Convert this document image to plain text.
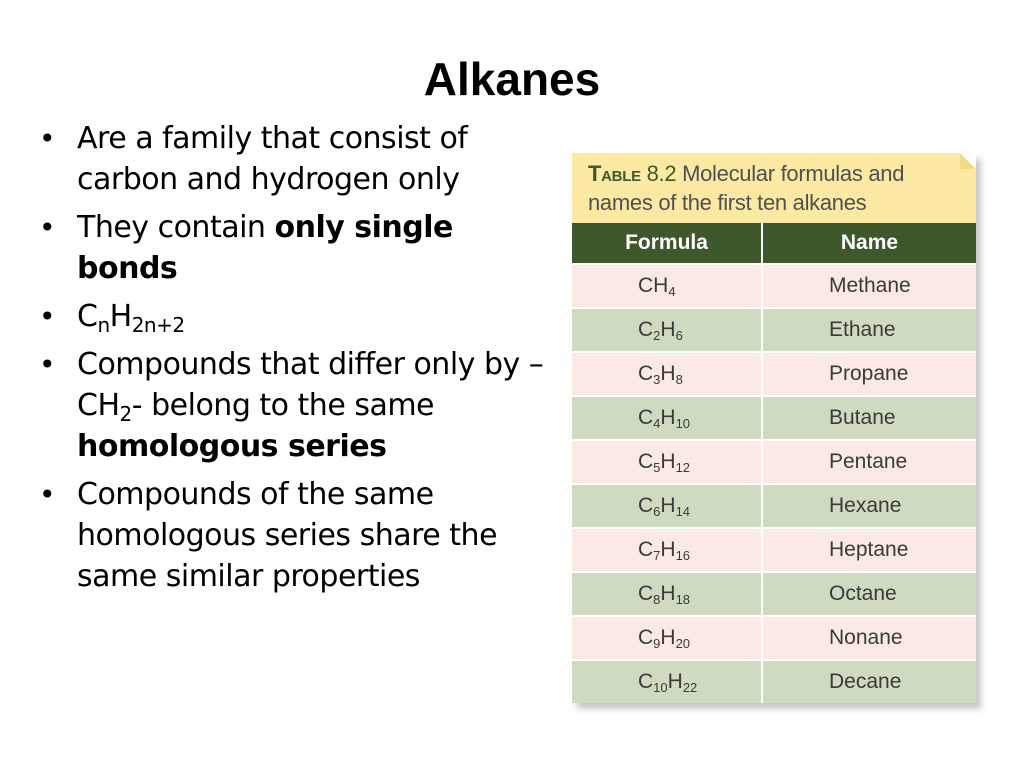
Alkanes
• Are a family that consist of carbon and hydrogen only
• They contain only single bonds
• $C_nH_{2n+2}$
• Compounds that differ only by $-CH_2-$ belong to the same homologous series
• Compounds of the same homologous series share the same similar properties
Table 8.2 Molecular formulas and names of the first ten alkanes
Formula	Name
$CH_4$	Methane
$C_2H_6$	Ethane
$C_3H_8$	Propane
$C_4H_{10}$	Butane
$C_5H_{12}$	Pentane
$C_6H_{14}$	Hexane
$C_7H_{16}$	Heptane
$C_8H_{18}$	Octane
$C_9H_{20}$	Nonane
$C_{10}H_{22}$	Decane
